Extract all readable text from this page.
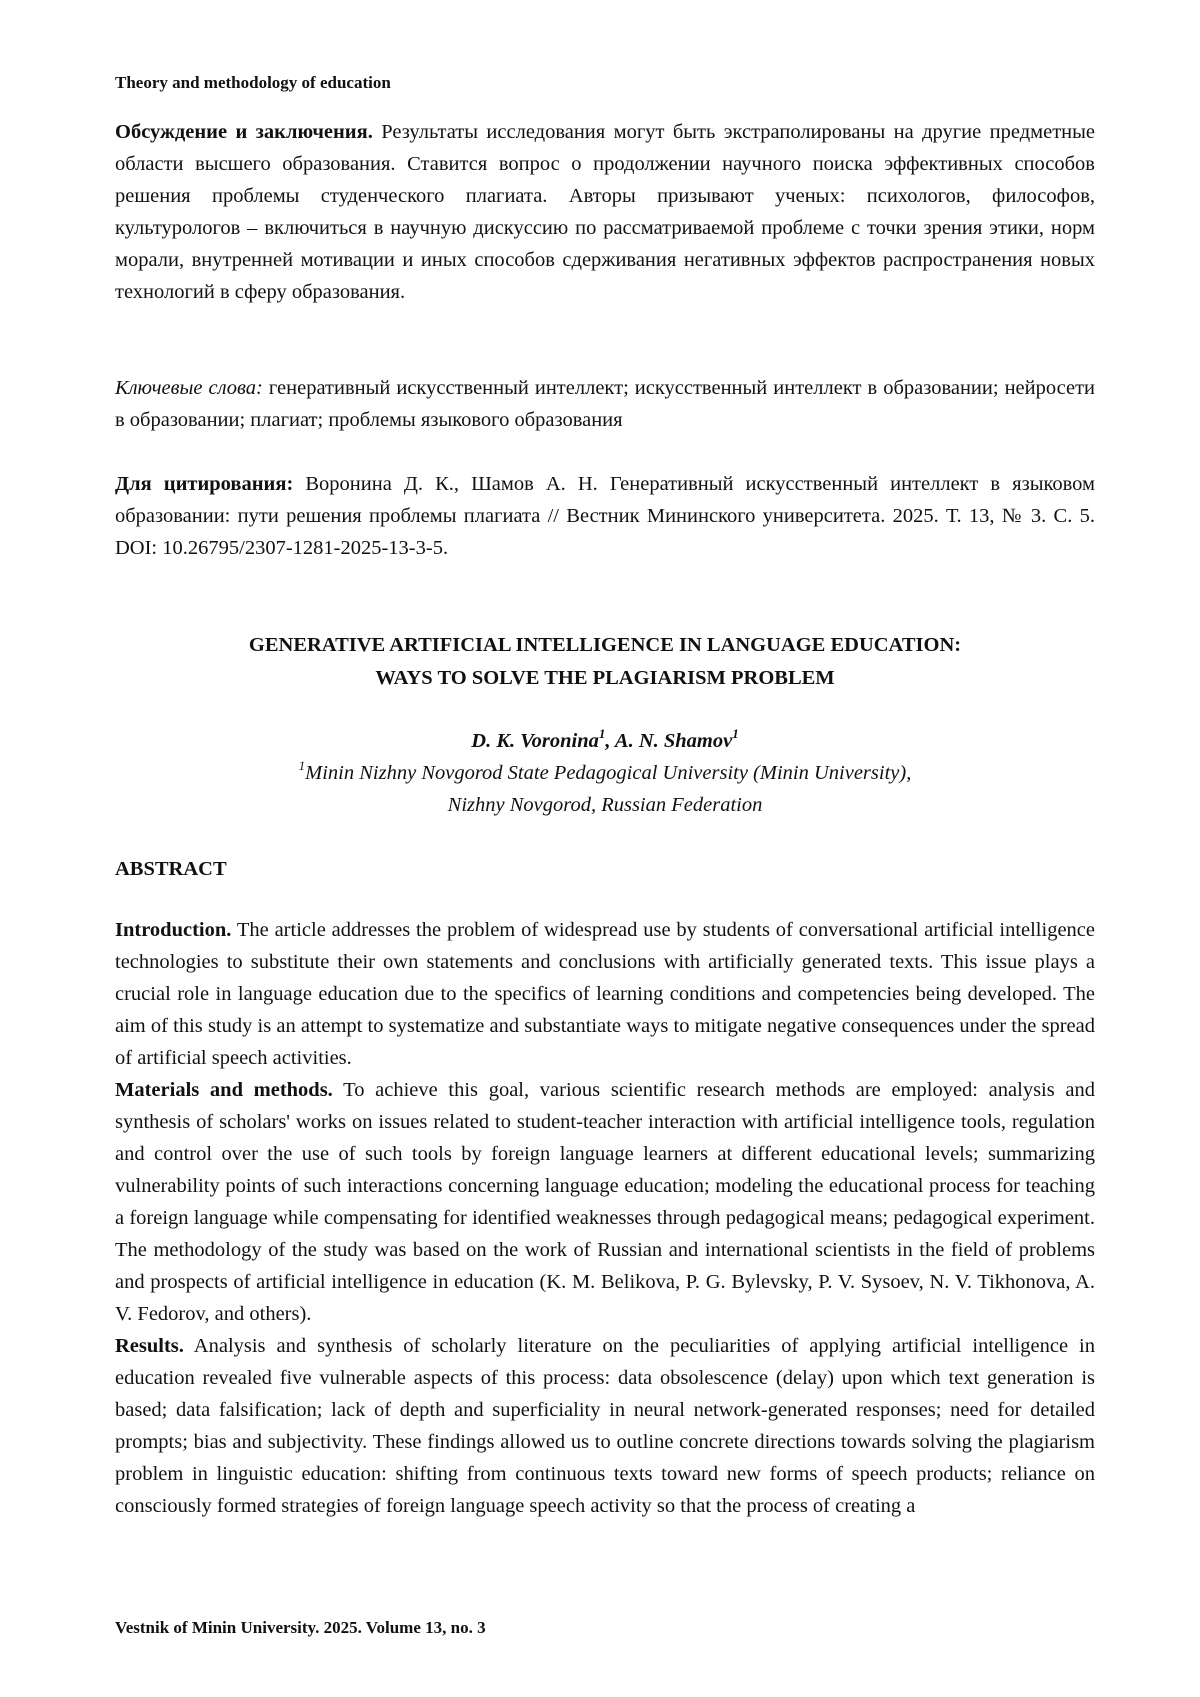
Theory and methodology of education

Обсуждение и заключения. Результаты исследования могут быть экстраполированы на другие предметные области высшего образования. Ставится вопрос о продолжении научного поиска эффективных способов решения проблемы студенческого плагиата. Авторы призывают ученых: психологов, философов, культурологов – включиться в научную дискуссию по рассматриваемой проблеме с точки зрения этики, норм морали, внутренней мотивации и иных способов сдерживания негативных эффектов распространения новых технологий в сферу образования.

Ключевые слова: генеративный искусственный интеллект; искусственный интеллект в образовании; нейросети в образовании; плагиат; проблемы языкового образования

Для цитирования: Воронина Д. К., Шамов А. Н. Генеративный искусственный интеллект в языковом образовании: пути решения проблемы плагиата // Вестник Мининского университета. 2025. Т. 13, № 3. С. 5. DOI: 10.26795/2307-1281-2025-13-3-5.

GENERATIVE ARTIFICIAL INTELLIGENCE IN LANGUAGE EDUCATION:
WAYS TO SOLVE THE PLAGIARISM PROBLEM
D. K. Voronina1, A. N. Shamov1
1Minin Nizhny Novgorod State Pedagogical University (Minin University),
Nizhny Novgorod, Russian Federation
ABSTRACT

Introduction. The article addresses the problem of widespread use by students of conversational artificial intelligence technologies to substitute their own statements and conclusions with artificially generated texts. This issue plays a crucial role in language education due to the specifics of learning conditions and competencies being developed. The aim of this study is an attempt to systematize and substantiate ways to mitigate negative consequences under the spread of artificial speech activities.

Materials and methods. To achieve this goal, various scientific research methods are employed: analysis and synthesis of scholars' works on issues related to student-teacher interaction with artificial intelligence tools, regulation and control over the use of such tools by foreign language learners at different educational levels; summarizing vulnerability points of such interactions concerning language education; modeling the educational process for teaching a foreign language while compensating for identified weaknesses through pedagogical means; pedagogical experiment. The methodology of the study was based on the work of Russian and international scientists in the field of problems and prospects of artificial intelligence in education (K. M. Belikova, P. G. Bylevsky, P. V. Sysoev, N. V. Tikhonova, A. V. Fedorov, and others).

Results. Analysis and synthesis of scholarly literature on the peculiarities of applying artificial intelligence in education revealed five vulnerable aspects of this process: data obsolescence (delay) upon which text generation is based; data falsification; lack of depth and superficiality in neural network-generated responses; need for detailed prompts; bias and subjectivity. These findings allowed us to outline concrete directions towards solving the plagiarism problem in linguistic education: shifting from continuous texts toward new forms of speech products; reliance on consciously formed strategies of foreign language speech activity so that the process of creating a

Vestnik of Minin University. 2025. Volume 13, no. 3
